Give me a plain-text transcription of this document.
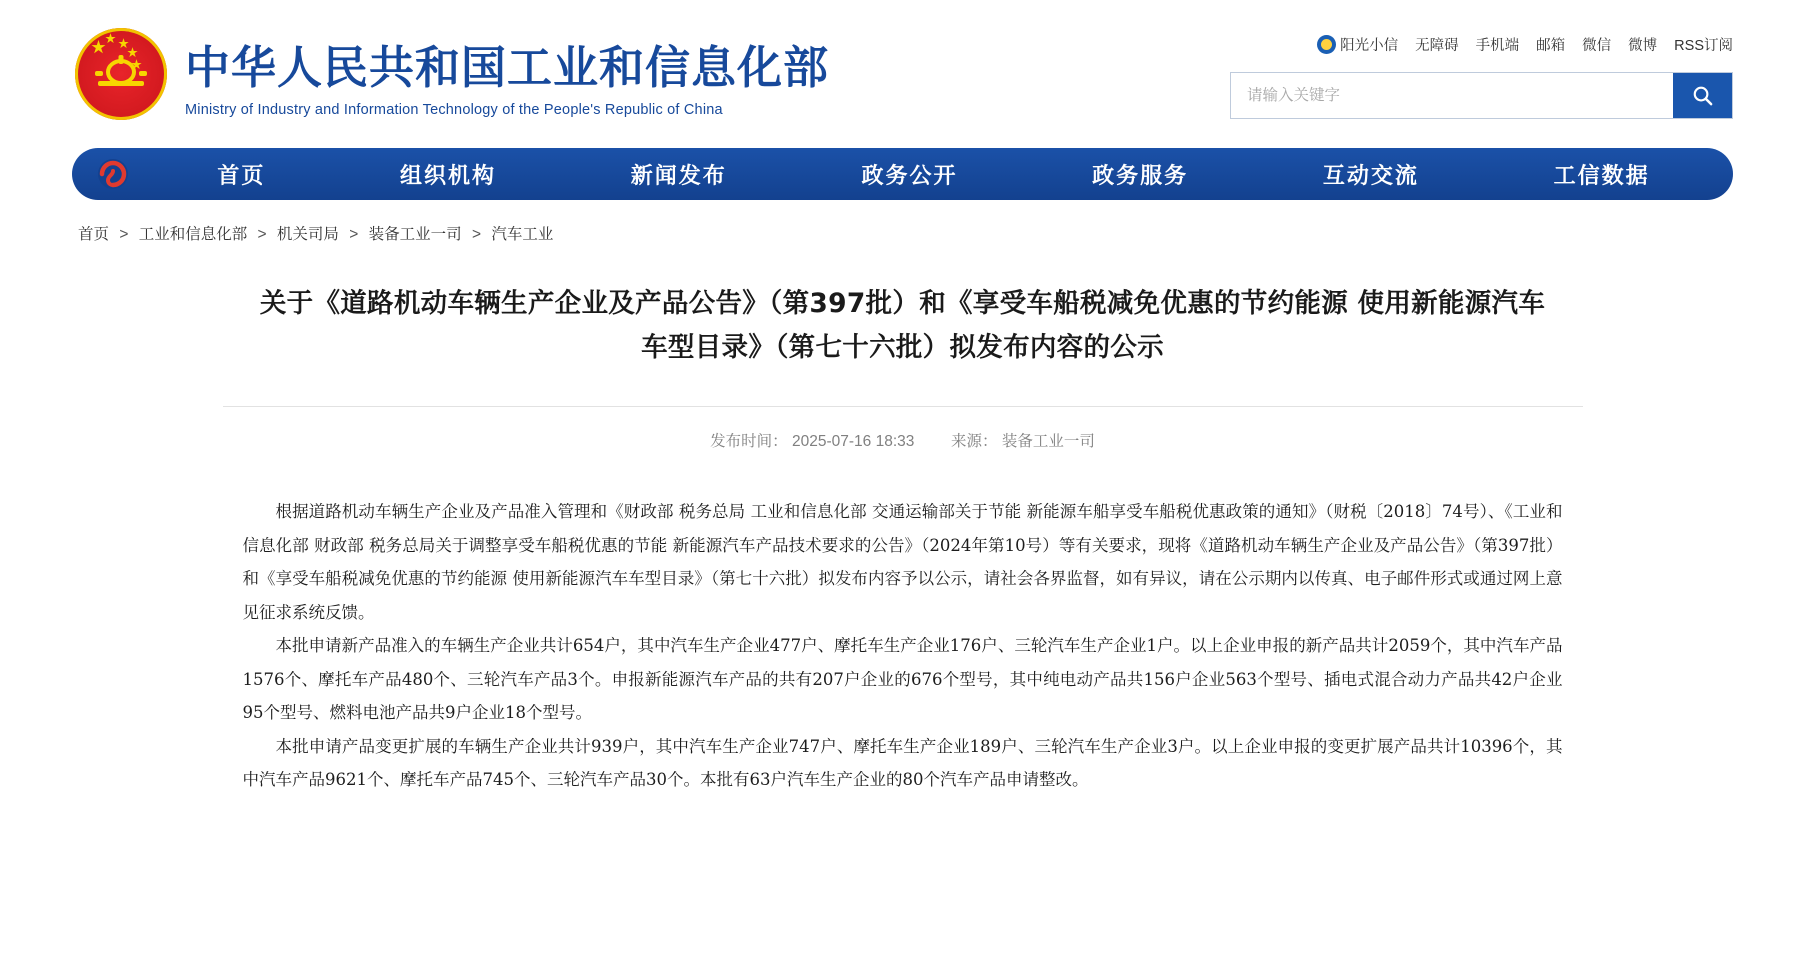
★
★ ★
★
★ 中华人民共和国工业和信息化部
Ministry of Industry and Information Technology of the People's Republic of China
阳光小信 无障碍 手机端 邮箱 微信 微博 RSS订阅
请输入关键字
首页	组织机构	新闻发布	政务公开	政务服务	互动交流	工信数据
首页 > 工业和信息化部 > 机关司局 > 装备工业一司 > 汽车工业
关于《道路机动车辆生产企业及产品公告》（第397批）和《享受车船税减免优惠的节约能源 使用新能源汽车车型目录》（第七十六批）拟发布内容的公示
发布时间： 2025-07-16 18:33 来源： 装备工业一司

根据道路机动车辆生产企业及产品准入管理和《财政部 税务总局 工业和信息化部 交通运输部关于节能 新能源车船享受车船税优惠政策的通知》（财税〔2018〕74号）、《工业和信息化部 财政部 税务总局关于调整享受车船税优惠的节能 新能源汽车产品技术要求的公告》（2024年第10号）等有关要求，现将《道路机动车辆生产企业及产品公告》（第397批）和《享受车船税减免优惠的节约能源 使用新能源汽车车型目录》（第七十六批）拟发布内容予以公示，请社会各界监督，如有异议，请在公示期内以传真、电子邮件形式或通过网上意见征求系统反馈。

本批申请新产品准入的车辆生产企业共计654户，其中汽车生产企业477户、摩托车生产企业176户、三轮汽车生产企业1户。以上企业申报的新产品共计2059个，其中汽车产品1576个、摩托车产品480个、三轮汽车产品3个。申报新能源汽车产品的共有207户企业的676个型号，其中纯电动产品共156户企业563个型号、插电式混合动力产品共42户企业95个型号、燃料电池产品共9户企业18个型号。

本批申请产品变更扩展的车辆生产企业共计939户，其中汽车生产企业747户、摩托车生产企业189户、三轮汽车生产企业3户。以上企业申报的变更扩展产品共计10396个，其中汽车产品9621个、摩托车产品745个、三轮汽车产品30个。本批有63户汽车生产企业的80个汽车产品申请整改。
